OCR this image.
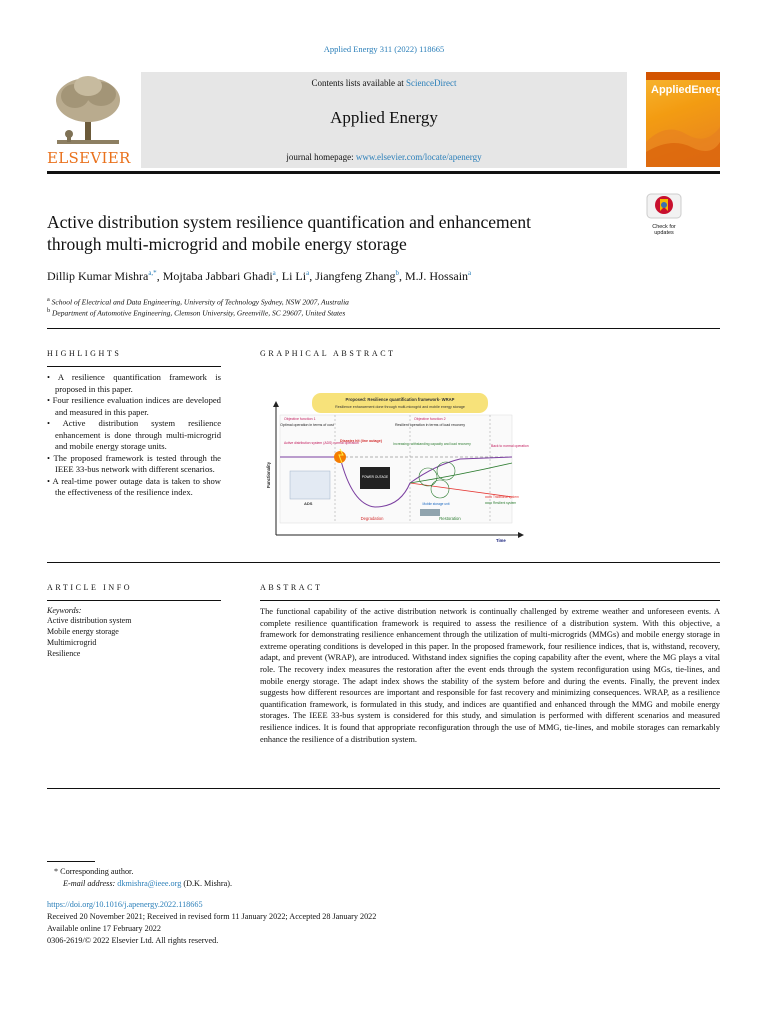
Applied Energy 311 (2022) 118665
ELSEVIER
Contents lists available at ScienceDirect
Applied Energy
journal homepage: www.elsevier.com/locate/apenergy
AppliedEnergy
Active distribution system resilience quantification and enhancement
through multi-microgrid and mobile energy storage
Check for updates
Dillip Kumar Mishra$^{a,*}$, Mojtaba Jabbari Ghadi$^a$, Li Li$^a$, Jiangfeng Zhang$^b$, M.J. Hossain$^a$
$^a$ School of Electrical and Data Engineering, University of Technology Sydney, NSW 2007, Australia
$^b$ Department of Automotive Engineering, Clemson University, Greenville, SC 29607, United States
HIGHLIGHTS

• A resilience quantification framework is proposed in this paper.

• Four resilience evaluation indices are developed and measured in this paper.

• Active distribution system resilience enhancement is done through multi-microgrid and mobile energy storage units.

• The proposed framework is tested through the IEEE 33-bus network with different scenarios.

• A real-time power outage data is taken to show the effectiveness of the resilience index.

GRAPHICAL ABSTRACT
Proposed: Resilience quantification framework- WRAP
Resilience enhancement done through multi-microgrid and mobile energy storage
Objective function 1
Optimal operation in terms of cost
Objective function 2
Resilient operation in terms of load recovery
Active distribution system (ADS) normal operation
Disaster hit (line outage)
Increasing: withstanding capacity and load recovery	Back to normal operation
ADS
POWER OUTAGE
Mobile storage unit
Degradation	Restoration
Traditional system
Resilient system
Functionality
Time
ARTICLE INFO
Keywords:
Active distribution system
Mobile energy storage
Multimicrogrid
Resilience
ABSTRACT
The functional capability of the active distribution network is continually challenged by extreme weather and unforeseen events. A complete resilience quantification framework is required to assess the resilience of a distribution system. With this objective, a framework for demonstrating resilience enhancement through the utilization of multi-microgrids (MMGs) and mobile energy storage in extreme operating conditions is developed in this paper. In the proposed framework, four resilience indices, that is, withstand, recovery, adapt, and prevent (WRAP), are introduced. Withstand index signifies the coping capability after the event, where the MG plays a vital role. The recovery index measures the restoration after the event ends through the system reconfiguration using MGs, tie-lines, and mobile energy storage. The adapt index shows the stability of the system before and during the events. Finally, the prevent index suggests how different resources are important and responsible for fast recovery and minimizing consequences. WRAP, as a resilience quantification framework, is formulated in this study, and indices are quantified and enhanced through the MMG and mobile energy storages. The IEEE 33-bus system is considered for this study, and simulation is performed with different scenarios and measured resilience indices. It is found that appropriate reconfiguration through the use of MMG, tie-lines, and mobile storages can remarkably enhance the resilience of a distribution system.
* Corresponding author.
E-mail address: dkmishra@ieee.org (D.K. Mishra).
https://doi.org/10.1016/j.apenergy.2022.118665
Received 20 November 2021; Received in revised form 11 January 2022; Accepted 28 January 2022
Available online 17 February 2022
0306-2619/© 2022 Elsevier Ltd. All rights reserved.
